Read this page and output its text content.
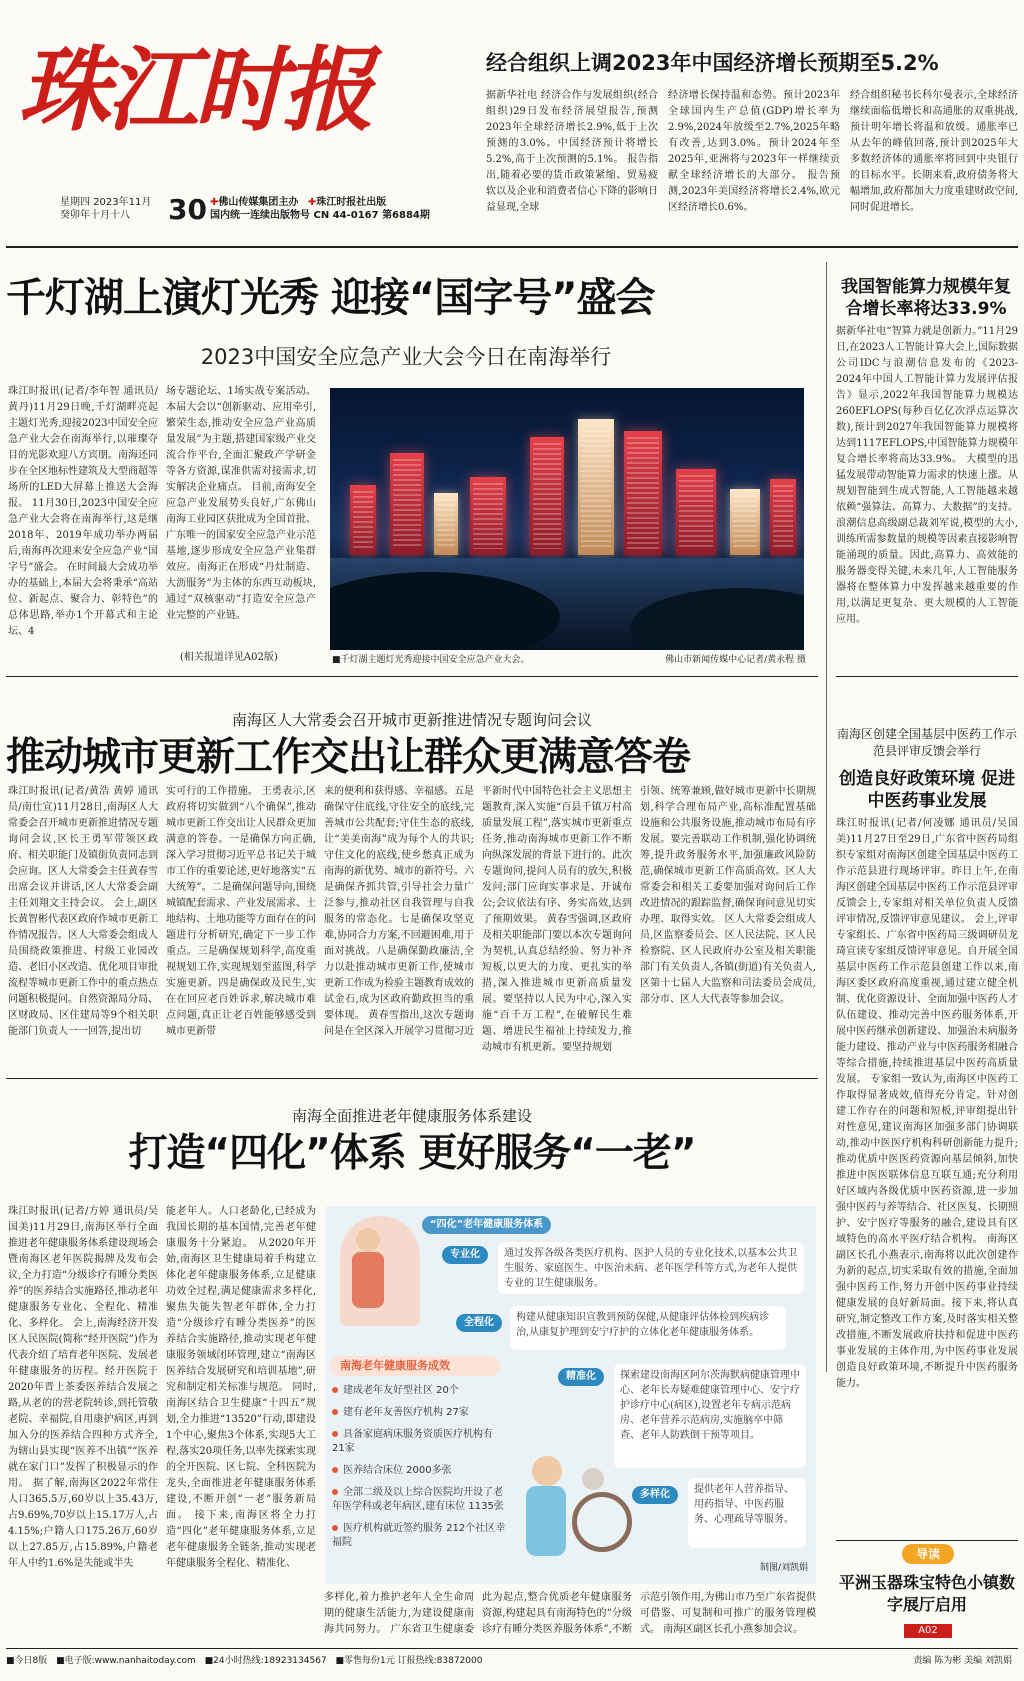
珠江时报
星期四 2023年11月
癸卯年十月十八	30 ✚佛山传媒集团主办 ✚珠江时报社出版
国内统一连续出版物号 CN 44-0167 第6884期
经合组织上调2023年中国经济增长预期至5.2%
据新华社电 经济合作与发展组织(经合组织)29日发布经济展望报告,预测2023年全球经济增长2.9%,低于上次预测的3.0%。中国经济预计将增长5.2%,高于上次预测的5.1%。 报告指出,随着必要的货币政策紧缩、贸易疲软以及企业和消费者信心下降的影响日益显现,全球
经济增长保持温和态势。预计2023年全球国内生产总值(GDP)增长率为2.9%,2024年放缓至2.7%,2025年略有改善,达到3.0%。预计2024年至2025年,亚洲将与2023年一样继续贡献全球经济增长的大部分。 报告预测,2023年美国经济将增长2.4%,欧元区经济增长0.6%。
经合组织秘书长科尔曼表示,全球经济继续面临低增长和高通胀的双重挑战,预计明年增长将温和放缓。通胀率已从去年的峰值回落,预计到2025年大多数经济体的通胀率将回到中央银行的目标水平。长期来看,政府债务将大幅增加,政府都加大力度重建财政空间,同时促进增长。
千灯湖上演灯光秀 迎接“国字号”盛会
2023中国安全应急产业大会今日在南海举行
珠江时报讯(记者/李年智 通讯员/黄丹)11月29日晚,千灯湖畔亮起主题灯光秀,迎接2023中国安全应急产业大会在南海举行,以璀璨夺目的光影欢迎八方宾朋。南海还同步在全区地标性建筑及大型商超等场所的LED大屏幕上推送大会海报。 11月30日,2023中国安全应急产业大会将在南海举行,这是继2018年、2019年成功举办两届后,南海再次迎来安全应急产业“国字号”盛会。 在时间最大会成功举办的基础上,本届大会将秉承“高站位、新起点、聚合力、彰特色”的总体思路,举办1个开幕式和主论坛、4
场专题论坛、1场实战专案活动。 本届大会以“创新驱动、应用牵引,繁荣生态,推动安全应急产业高质量发展”为主题,搭建国家级产业交流合作平台,全面汇聚政产学研金等各方资源,谋准供需对接需求,切实解决企业痛点。 目前,南海安全应急产业发展势头良好,广东佛山南海工业园区获批成为全国首批、广东唯一的国家安全应急产业示范基地,逐步形成安全应急产业集群效应。南海正在形成“丹灶制造、大沥服务”为主体的东西互动板块,通过“双核驱动”打造安全应急产业完整的产业链。
(相关报道详见A02版)	■千灯湖主题灯光秀迎接中国安全应急产业大会。	佛山市新闻传媒中心记者/黄永程 摄
我国智能算力规模年复合增长率将达33.9%
据新华社电“智算力就是创新力。”11月29日,在2023人工智能计算大会上,国际数据公司IDC与浪潮信息发布的《2023-2024年中国人工智能计算力发展评估报告》显示,2022年我国智能算力规模达260EFLOPS(每秒百亿亿次浮点运算次数),预计到2027年我国智能算力规模将达到1117EFLOPS,中国智能算力规模年复合增长率将高达33.9%。 大模型的迅猛发展带动智能算力需求的快速上涨。从规划智能到生成式智能,人工智能越来越依赖“强算法、高算力、大数据”的支持。 浪潮信息高级副总裁刘军说,模型的大小,训练所需参数量的规模等因素直接影响智能涌现的质量。因此,高算力、高效能的服务器变得关键,未来几年,人工智能服务器将在整体算力中发挥越来越重要的作用,以满足更复杂、更大规模的人工智能应用。
南海区人大常委会召开城市更新推进情况专题询问会议
推动城市更新工作交出让群众更满意答卷
珠江时报讯(记者/黄浩 黄婷 通讯员/南仕宣)11月28日,南海区人大常委会召开城市更新推进情况专题询问会议,区长王勇军带领区政府、相关职能门及镇街负责同志到会应询。区人大常委会主任黄春雪出席会议并讲话,区人大常委会副主任刘翔文主持会议。 会上,副区长黄智彬代表区政府作城市更新工作情况报告。区人大常委会组成人员围绕政策推进、村级工业园改造、老旧小区改造、优化项目审批流程等城市更新工作中的重点热点问题积极提问。自然资源局分局、区财政局、区住建局等9个相关职能部门负责人一一回答,提出切
实可行的工作措施。 王勇表示,区政府将切实做到“八个确保”,推动城市更新工作交出让人民群众更加满意的答卷。一是确保方向正确,深入学习贯彻习近平总书记关于城市工作的重要论述,更好地落实“五大统筹”。二是确保问题导向,围绕城镇配套需求、产业发展需求、土地结构、土地功能等方面存在的问题进行分析研究,确定下一步工作重点。三是确保规划科学,高度重视规划工作,实现规划至蓝图,科学实施更新。四是确保政及民生,实在在回应老百姓诉求,解决城市难点问题,真正让老百姓能够感受到城市更新带
来的便利和获得感、幸福感。五是确保守住底线,守住安全的底线,完善城市公共配套;守住生态的底线,让“美美南海”成为每个人的共识;守住文化的底线,使乡愁真正成为南海的新优势、城市的新符号。六是确保齐抓共管,引导社会力量广泛参与,推动社区自我管理与自我服务的常态化。七是确保攻坚克难,协同合力方案,不回避困难,用于面对挑战。八是确保勤政廉洁,全力以赴推动城市更新工作,使城市更新工作成为检验主题教育成效的试金石,成为区政府勤政担当的重要体现。 黄春雪指出,这次专题询问是在全区深入开展学习贯彻习近
平新时代中国特色社会主义思想主题教育,深入实施“百县千镇万村高质量发展工程”,落实城市更新重点任务,推动南海城市更新工作不断向纵深发展的背景下进行的。此次专题询问,提问人员有的放矢,积极发问;部门应询实事求是、开诚布公;会议依法有序、务实高效,达到了预期效果。 黄春雪强调,区政府及相关职能部门要以本次专题询问为契机,认真总结经验、努力补齐短板,以更大的力度、更扎实的举措,深入推进城市更新高质量发展。要坚持以人民为中心,深入实施“百千万工程”,在破解民生难题、增进民生福祉上持续发力,推动城市有机更新。要坚持规划
引领、统筹兼顾,做好城市更新中长期规划,科学合理布局产业,高标准配置基础设施和公共服务设施,推动城市布局有序发展。要完善联动工作机制,强化协调统筹,提升政务服务水平,加强廉政风险防范,确保城市更新工作高质高效。区人大常委会和相关工委要加强对询问后工作改进情况的跟踪监督,确保询问意见切实办理、取得实效。 区人大常委会组成人员,区监察委员会、区人民法院、区人民检察院、区人民政府办公室及相关职能部门有关负责人,各镇(街道)有关负责人,区第十七届人大监察和司法委员会成员,部分市、区人大代表等参加会议。
南海区创建全国基层中医药工作示范县评审反馈会举行
创造良好政策环境 促进中医药事业发展
珠江时报讯(记者/何凌娜 通讯员/吴国美)11月27日至29日,广东省中医药局组织专家组对南海区创建全国基层中医药工作示范县进行现场评审。昨日上午,在南海区创建全国基层中医药工作示范县评审反馈会上,专家组对相关单位负责人反馈评审情况,反馈评审意见建议。 会上,评审专家组长、广东省中医药局三级调研员龙琦宣读专家组反馈评审意见。自开展全国基层中医药工作示范县创建工作以来,南海区委区政府高度重视,通过建立健全机制、优化资源设计、全面加强中医药人才队伍建设、推动完善中医药服务体系,开展中医药继承创新建设、加强治未病服务能力建设、推动产业与中医药服务相融合等综合措施,持续推进基层中医药高质量发展。 专家组一致认为,南海区中医药工作取得显著成效,值得充分肯定。针对创建工作存在的问题和短板,评审组提出针对性意见,建议南海区加强多部门协调联动,推动中医医疗机构科研创新能力提升;推动优质中医医药资源向基层倾斜,加快推进中医医联体信息互联互通;充分利用好区域内各级优质中医药资源,进一步加强中医药与养等结合、社区医复、长期照护、安宁医疗等服务的融合,建设具有区域特色的高水平医疗结合机构。 南海区副区长孔小燕表示,南海将以此次创建作为新的起点,切实采取有效的措施,全面加强中医药工作,努力开创中医药事业持续健康发展的良好新局面。接下来,将认真研究,制定整改工作方案,及时落实相关整改措施,不断发展政府扶持和促进中医药事业发展的主体作用,为中医药事业发展创造良好政策环境,不断提升中医药服务能力。
南海全面推进老年健康服务体系建设
打造“四化”体系 更好服务“一老”
珠江时报讯(记者/方婷 通讯员/吴国美)11月29日,南海区举行全面推进老年健康服务体系建设现场会暨南海区老年医院揭牌及发布会议,全力打造“分级诊疗有睡分类医养”的医养结合实施路径,推动老年健康服务专业化、全程化、精准化、多样化。 会上,南海经济开发区人民医院(简称“经开医院”)作为代表介绍了培育老年医院、发展老年健康服务的历程。经开医院于2020年晋上茶委医养结合发展之路,从老的的营老院转诊,到托管敬老院、幸福院,自用康护病区,再到加入分的医养结合四种方式齐全,为辖山县实现“医养不出镇”“医养就在家门口”发挥了积极显示的作用。 据了解,南海区2022年常住人口365.5万,60岁以上35.43万,占9.69%,70岁以上15.17万人,占4.15%;户籍人口175.26万,60岁以上27.85万,占15.89%,户籍老年人中约1.6%是失能或半失
能老年人。人口老龄化,已经成为我国长期的基本国情,完善老年健康服务十分紧迫。 从2020年开始,南海区卫生健康局着手构建立体化老年健康服务体系,立足健康功效全过程,满足健康需求多样化,聚焦失能失智老年群体,全力打造“分级诊疗有睡分类医养”的医养结合实施路径,推动实现老年健康服务领域闭环管理,建立“南海区医养结合发展研究和培训基地”,研究和制定相关标准与规范。 同时,南海区结合卫生健康“十四五”规划,全力推进“13520”行动,即建设1个中心,聚焦3个体系,实现5大工程,落实20项任务,以率先探索实现的全开医院、区七院、全科医院为龙头,全面推进老年健康服务体系建设,不断开创“一老”服务新局面。 接下来,南海区将全力打造“四化”老年健康服务体系,立足老年健康服务全链条,推动实现老年健康服务全程化、精准化、
多样化,着力推护老年人全生命周期的健康生活能力,为建设健康南海共同努力。 广东省卫生健康委
此为起点,整合优质老年健康服务资源,构建起具有南海特色的“分级诊疗有睡分类医养服务体系”,不断
示范引领作用,为佛山市乃至广东省提供可借鉴、可复制和可推广的服务管理模式。 南海区副区长孔小燕参加会议。
“四化”老年健康服务体系
专业化	通过发挥各级各类医疗机构、医护人员的专业化技术,以基本公共卫生服务、家庭医生、中医治未病、老年医学科等方式,为老年人提供专业的卫生健康服务。
全程化	构建从健康知识宣教到预防保健,从健康评估体检到疾病诊治,从康复护理到安宁疗护的立体化老年健康服务体系。
南海老年健康服务成效
建成老年友好型社区 20个
建有老年友善医疗机构 27家
具备家庭病床服务资质医疗机构有 21家
医养结合床位 2000多张
全部二级及以上综合医院均开设了老年医学科或老年病区,建有床位 1135张
医疗机构就近签约服务 212个社区幸福院
精准化	探索建设南海区阿尔茨海默病健康管理中心、老年长寿疑难健康管理中心、安宁疗护诊疗中心(病区),设置老年专病示范病房、老年营养示范病房,实施脑卒中筛查、老年人防跌倒干预等项目。
多样化	提供老年人营养指导、用药指导、中医药服务、心理疏导等服务。
制图/刘凯娟
导读
平洲玉器珠宝特色小镇数字展厅启用
A02
■今日8版 ■电子版:www.nanhaitoday.com ■24小时热线:18923134567 ■零售每份1元 订报热线:83872000	责编 陈为彬 美编 刘凯娟
